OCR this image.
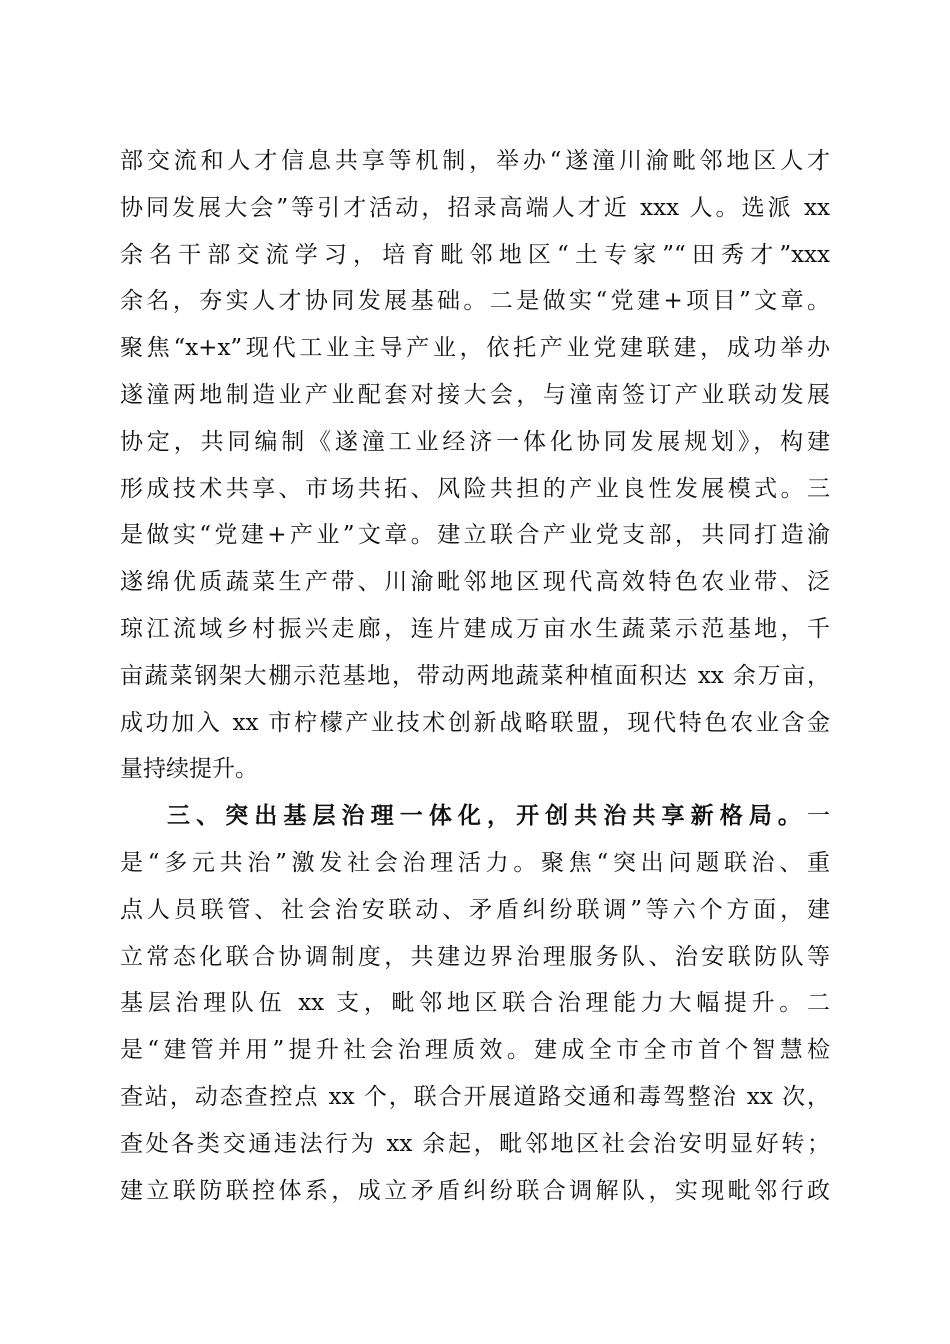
部交流和人才信息共享等机制，举办“遂潼川渝毗邻地区人才
协同发展大会”等引才活动，招录高端人才近 xxx 人。选派 xx
余名干部交流学习，培育毗邻地区“土专家”“田秀才”xxx
余名，夯实人才协同发展基础。二是做实“党建+项目”文章。
聚焦“x+x”现代工业主导产业，依托产业党建联建，成功举办
遂潼两地制造业产业配套对接大会，与潼南签订产业联动发展
协定，共同编制《遂潼工业经济一体化协同发展规划》，构建
形成技术共享、市场共拓、风险共担的产业良性发展模式。三
是做实“党建+产业”文章。建立联合产业党支部，共同打造渝
遂绵优质蔬菜生产带、川渝毗邻地区现代高效特色农业带、泛
琼江流域乡村振兴走廊，连片建成万亩水生蔬菜示范基地，千
亩蔬菜钢架大棚示范基地，带动两地蔬菜种植面积达 xx 余万亩，
成功加入 xx 市柠檬产业技术创新战略联盟，现代特色农业含金
量持续提升。
三、突出基层治理一体化，开创共治共享新格局。一
是“多元共治”激发社会治理活力。聚焦“突出问题联治、重
点人员联管、社会治安联动、矛盾纠纷联调”等六个方面，建
立常态化联合协调制度，共建边界治理服务队、治安联防队等
基层治理队伍 xx 支，毗邻地区联合治理能力大幅提升。二
是“建管并用”提升社会治理质效。建成全市全市首个智慧检
查站，动态查控点 xx 个，联合开展道路交通和毒驾整治 xx 次，
查处各类交通违法行为 xx 余起，毗邻地区社会治安明显好转；
建立联防联控体系，成立矛盾纠纷联合调解队，实现毗邻行政
